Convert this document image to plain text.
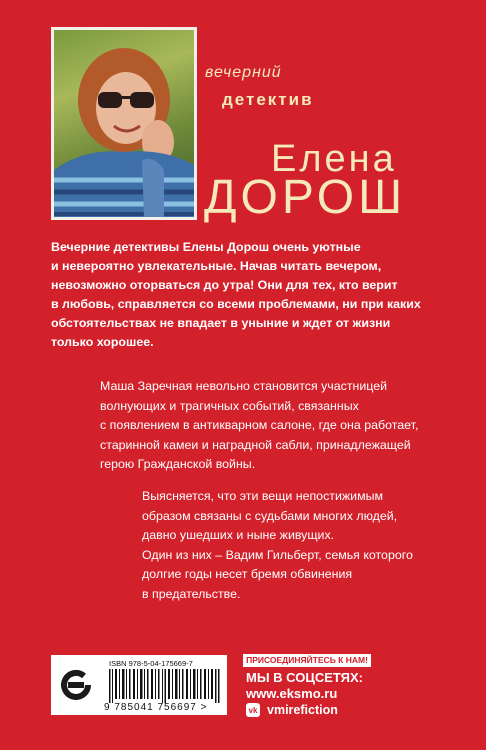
вечерний
детектив
Елена
ДОРОШ

Вечерние детективы Елены Дорош очень уютные

и невероятно увлекательные. Начав читать вечером,

невозможно оторваться до утра! Они для тех, кто верит

в любовь, справляется со всеми проблемами, ни при каких

обстоятельствах не впадает в уныние и ждет от жизни

только хорошее.

Маша Заречная невольно становится участницей

волнующих и трагичных событий, связанных

с появлением в антикварном салоне, где она работает,

старинной камеи и наградной сабли, принадлежащей

герою Гражданской войны.

Выясняется, что эти вещи непостижимым

образом связаны с судьбами многих людей,

давно ушедших и ныне живущих.

Один из них – Вадим Гильберт, семья которого

долгие годы несет бремя обвинения

в предательстве.

ISBN 978-5-04-175669-7
9 785041 756697 >
ПРИСОЕДИНЯЙТЕСЬ К НАМ!
МЫ В СОЦСЕТЯХ:
www.eksmo.ru
vk vmirefiction
